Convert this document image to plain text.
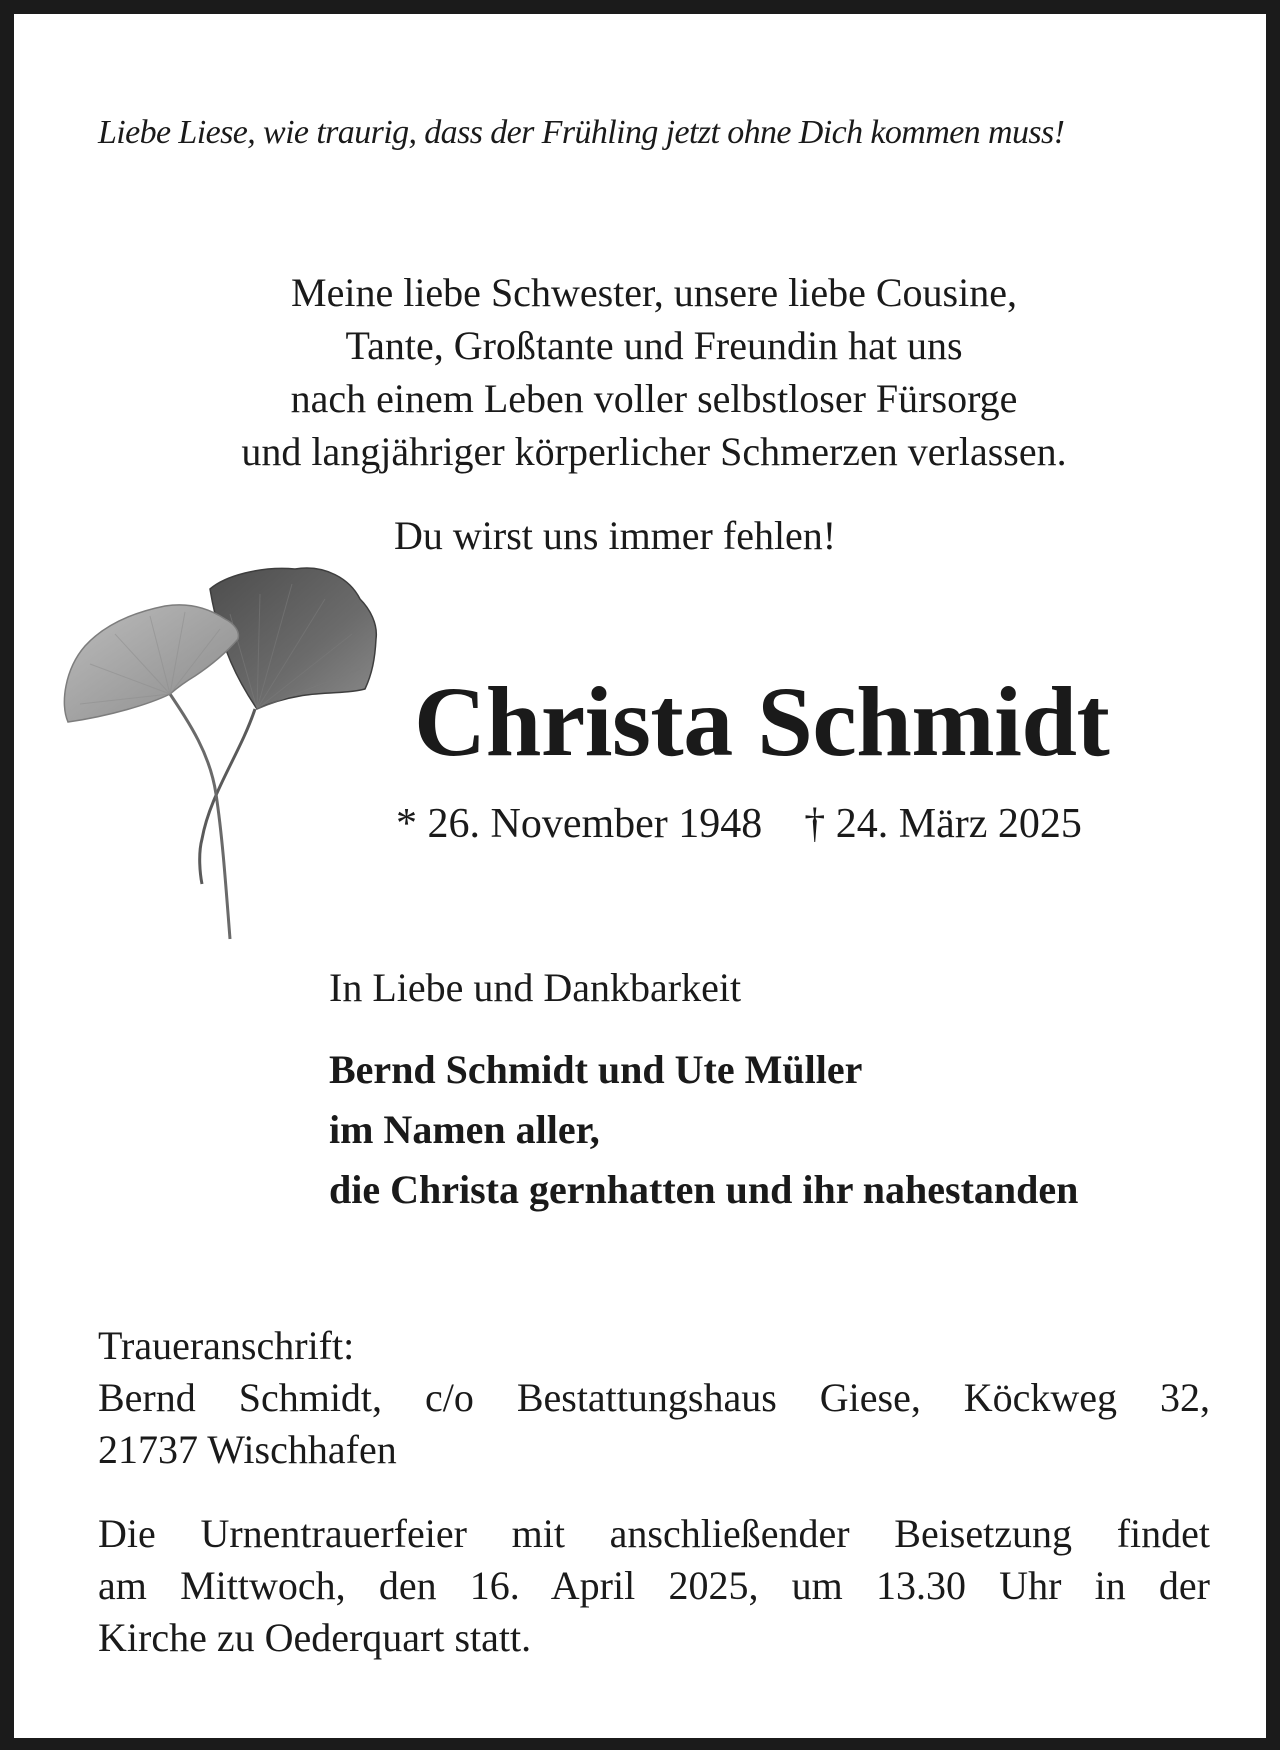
Liebe Liese, wie traurig, dass der Frühling jetzt ohne Dich kommen muss!
Meine liebe Schwester, unsere liebe Cousine,
Tante, Großtante und Freundin hat uns
nach einem Leben voller selbstloser Fürsorge
und langjähriger körperlicher Schmerzen verlassen.
Du wirst uns immer fehlen!
Christa Schmidt
* 26. November 1948 † 24. März 2025
In Liebe und Dankbarkeit
Bernd Schmidt und Ute Müller
im Namen aller,
die Christa gernhatten und ihr nahestanden
Traueranschrift:
Bernd Schmidt, c/o Bestattungshaus Giese, Köckweg 32,
21737 Wischhafen
Die Urnentrauerfeier mit anschließender Beisetzung findet
am Mittwoch, den 16. April 2025, um 13.30 Uhr in der
Kirche zu Oederquart statt.
